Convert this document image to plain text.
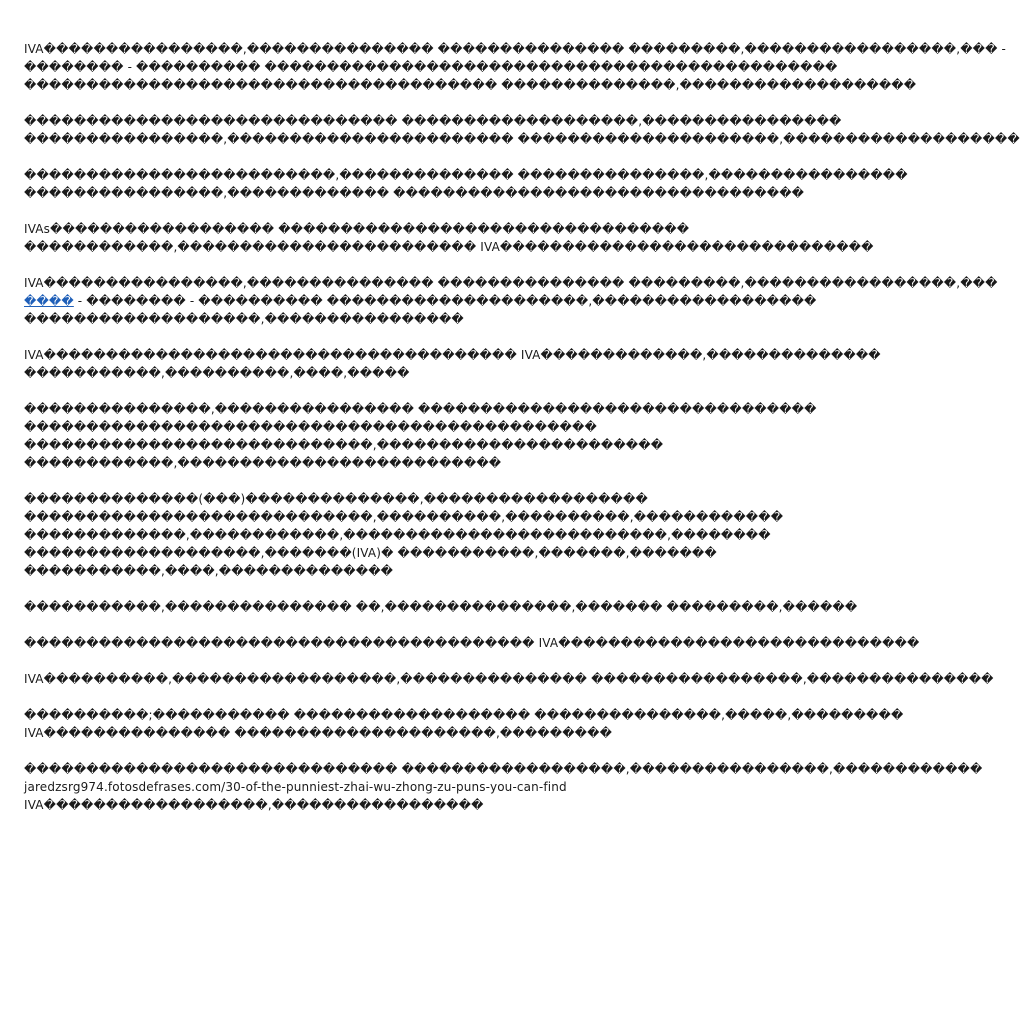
IVA����������������,��������������� ��������������� ���������,�����������������,��� -
�������� - ���������� ����������������������������������������������
�������������������������������������� ��������������,�������������������
������������������������������ �������������������,����������������
����������������,����������������������� ���������������������,�������������������
�������������������������,�������������� ���������������,����������������
����������������,������������� ���������������������������������
IVAs������������������ ���������������������������������
������������,������������������������ IVA������������������������������
IVA����������������,��������������� ��������������� ���������,�����������������,���
���� - �������� - ���������� ���������������������,������������������
�������������������,����������������
IVA�������������������������������������� IVA�������������,��������������
�����������,����������,����,�����
���������������,���������������� ��������������������������������
����������������������������������������������
����������������������������,�����������������������
������������,��������������������������
��������������(���)��������������,������������������
����������������������������,����������,����������,������������
�������������,������������,��������������������������,��������
�������������������,�������(IVA)� �����������,�������,�������
�����������,����,��������������
�����������,��������������� ��,���������������,������� ���������,������
����������������������������������������� IVA�����������������������������
IVA����������,������������������,��������������� �����������������,���������������
����������;����������� ������������������� ���������������,�����,���������
IVA��������������� ���������������������,���������
������������������������������ ������������������,����������������,������������
jaredzsrg974.fotosdefrases.com/30-of-the-punniest-zhai-wu-zhong-zu-puns-you-can-find
IVA������������������,�����������������
